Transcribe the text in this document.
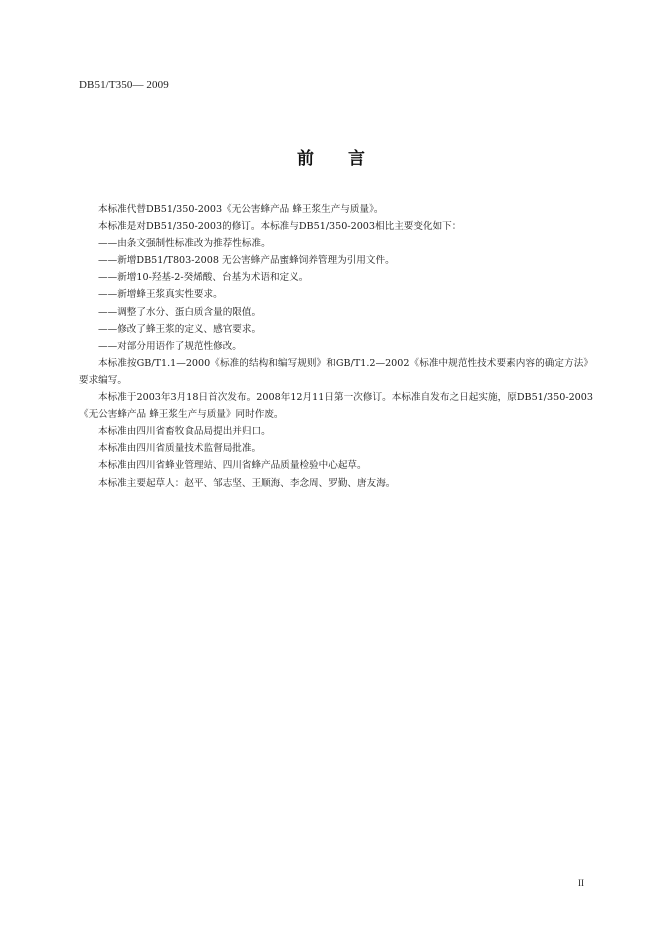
DB51/T350— 2009
前言

本标准代替DB51/350-2003《无公害蜂产品 蜂王浆生产与质量》。

本标准是对DB51/350-2003的修订。本标准与DB51/350-2003相比主要变化如下：

——由条文强制性标准改为推荐性标准。

——新增DB51/T803-2008 无公害蜂产品蜜蜂饲养管理为引用文件。

——新增10-羟基-2-癸烯酸、台基为术语和定义。

——新增蜂王浆真实性要求。

——调整了水分、蛋白质含量的限值。

——修改了蜂王浆的定义、感官要求。

——对部分用语作了规范性修改。

本标准按GB/T1.1—2000《标准的结构和编写规则》和GB/T1.2—2002《标准中规范性技术要素内容的确定方法》要求编写。

本标准于2003年3月18日首次发布。2008年12月11日第一次修订。本标准自发布之日起实施，原DB51/350-2003《无公害蜂产品 蜂王浆生产与质量》同时作废。

本标准由四川省畜牧食品局提出并归口。

本标准由四川省质量技术监督局批准。

本标准由四川省蜂业管理站、四川省蜂产品质量检验中心起草。

本标准主要起草人：赵平、邹志坚、王顺海、李念周、罗勤、唐友海。

II
